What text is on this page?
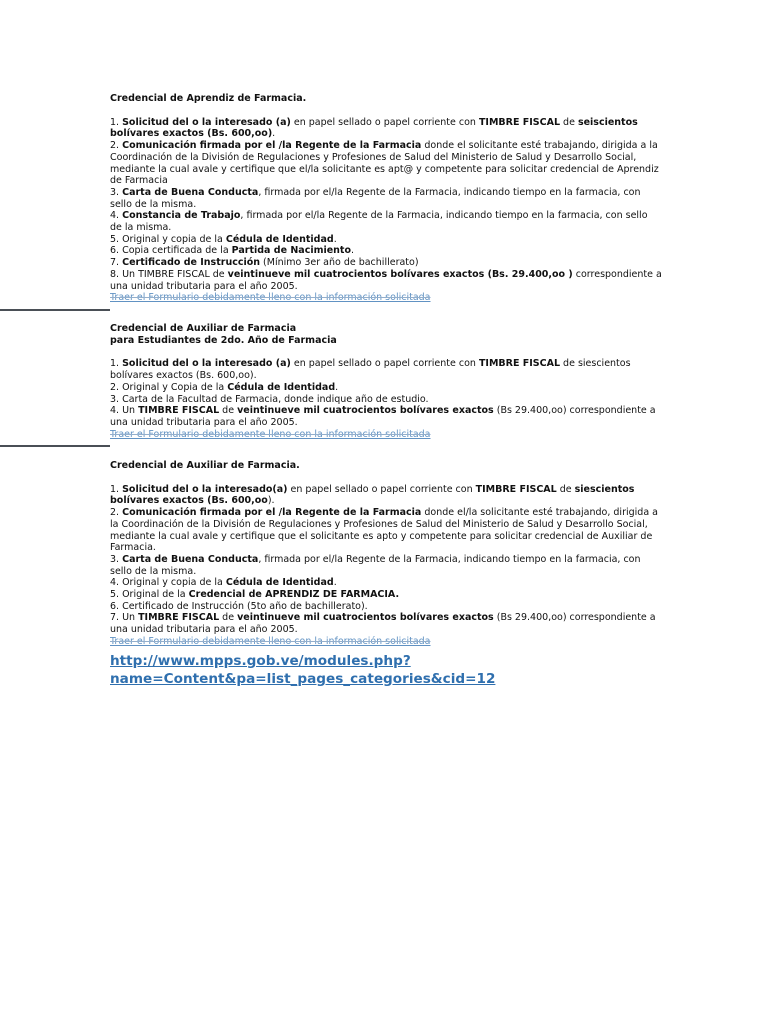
Credencial de Aprendiz de Farmacia.

1. Solicitud del o la interesado (a) en papel sellado o papel corriente con TIMBRE FISCAL de seiscientos bolívares exactos (Bs. 600,oo).

2. Comunicación firmada por el /la Regente de la Farmacia donde el solicitante esté trabajando, dirigida a la Coordinación de la División de Regulaciones y Profesiones de Salud del Ministerio de Salud y Desarrollo Social, mediante la cual avale y certifique que el/la solicitante es apt@ y competente para solicitar credencial de Aprendiz de Farmacia

3. Carta de Buena Conducta, firmada por el/la Regente de la Farmacia, indicando tiempo en la farmacia, con sello de la misma.

4. Constancia de Trabajo, firmada por el/la Regente de la Farmacia, indicando tiempo en la farmacia, con sello de la misma.

5. Original y copia de la Cédula de Identidad.

6. Copia certificada de la Partida de Nacimiento.

7. Certificado de Instrucción (Mínimo 3er año de bachillerato)

8. Un TIMBRE FISCAL de veintinueve mil cuatrocientos bolívares exactos (Bs. 29.400,oo ) correspondiente a una unidad tributaria para el año 2005.

Traer el Formulario debidamente lleno con la información solicitada

Credencial de Auxiliar de Farmacia
para Estudiantes de 2do. Año de Farmacia

1. Solicitud del o la interesado (a) en papel sellado o papel corriente con TIMBRE FISCAL de siescientos bolívares exactos (Bs. 600,oo).

2. Original y Copia de la Cédula de Identidad.

3. Carta de la Facultad de Farmacia, donde indique año de estudio.

4. Un TIMBRE FISCAL de veintinueve mil cuatrocientos bolívares exactos (Bs 29.400,oo) correspondiente a una unidad tributaria para el año 2005.

Traer el Formulario debidamente lleno con la información solicitada

Credencial de Auxiliar de Farmacia.

1. Solicitud del o la interesado(a) en papel sellado o papel corriente con TIMBRE FISCAL de siescientos bolívares exactos (Bs. 600,oo).

2. Comunicación firmada por el /la Regente de la Farmacia donde el/la solicitante esté trabajando, dirigida a la Coordinación de la División de Regulaciones y Profesiones de Salud del Ministerio de Salud y Desarrollo Social, mediante la cual avale y certifique que el solicitante es apto y competente para solicitar credencial de Auxiliar de Farmacia.

3. Carta de Buena Conducta, firmada por el/la Regente de la Farmacia, indicando tiempo en la farmacia, con sello de la misma.

4. Original y copia de la Cédula de Identidad.

5. Original de la Credencial de APRENDIZ DE FARMACIA.

6. Certificado de Instrucción (5to año de bachillerato).

7. Un TIMBRE FISCAL de veintinueve mil cuatrocientos bolívares exactos (Bs 29.400,oo) correspondiente a una unidad tributaria para el año 2005.

Traer el Formulario debidamente lleno con la información solicitada
http://www.mpps.gob.ve/modules.php?
name=Content&pa=list_pages_categories&cid=12
